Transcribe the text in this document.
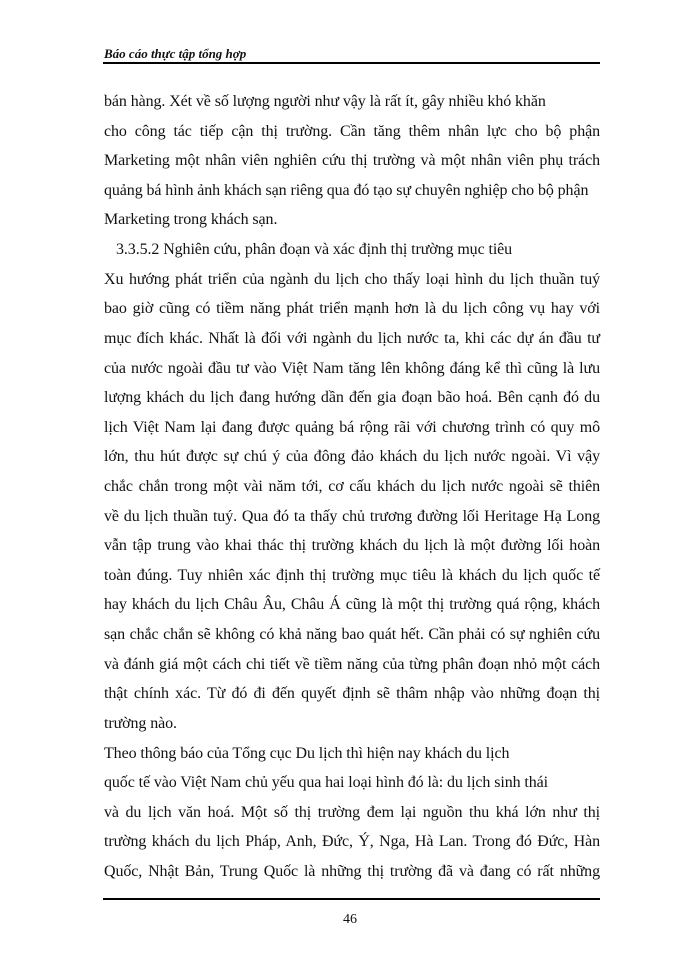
Báo cáo thực tập tổng hợp
bán hàng. Xét về số lượng người như vậy là rất ít, gây nhiều khó khăn
cho công tác tiếp cận thị trường. Cần tăng thêm nhân lực cho bộ phận
Marketing một nhân viên nghiên cứu thị trường và một nhân viên phụ trách
quảng bá hình ảnh khách sạn riêng qua đó tạo sự chuyên nghiệp cho bộ phận
Marketing trong khách sạn.
3.3.5.2 Nghiên cứu, phân đoạn và xác định thị trường mục tiêu
Xu hướng phát triển của ngành du lịch cho thấy loại hình du lịch thuần tuý
bao giờ cũng có tiềm năng phát triển mạnh hơn là du lịch công vụ hay với
mục đích khác. Nhất là đối với ngành du lịch nước ta, khi các dự án đầu tư
của nước ngoài đầu tư vào Việt Nam tăng lên không đáng kể thì cũng là lưu
lượng khách du lịch đang hướng dần đến gia đoạn bão hoá. Bên cạnh đó du
lịch Việt Nam lại đang được quảng bá rộng rãi với chương trình có quy mô
lớn, thu hút được sự chú ý của đông đảo khách du lịch nước ngoài. Vì vậy
chắc chắn trong một vài năm tới, cơ cấu khách du lịch nước ngoài sẽ thiên
về du lịch thuần tuý. Qua đó ta thấy chủ trương đường lối Heritage Hạ Long
vẫn tập trung vào khai thác thị trường khách du lịch là một đường lối hoàn
toàn đúng. Tuy nhiên xác định thị trường mục tiêu là khách du lịch quốc tế
hay khách du lịch Châu Âu, Châu Á cũng là một thị trường quá rộng, khách
sạn chắc chắn sẽ không có khả năng bao quát hết. Cần phải có sự nghiên cứu
và đánh giá một cách chi tiết về tiềm năng của từng phân đoạn nhỏ một cách
thật chính xác. Từ đó đi đến quyết định sẽ thâm nhập vào những đoạn thị
trường nào.
Theo thông báo của Tổng cục Du lịch thì hiện nay khách du lịch
quốc tế vào Việt Nam chủ yếu qua hai loại hình đó là: du lịch sinh thái
và du lịch văn hoá. Một số thị trường đem lại nguồn thu khá lớn như thị
trường khách du lịch Pháp, Anh, Đức, Ý, Nga, Hà Lan. Trong đó Đức, Hàn
Quốc, Nhật Bản, Trung Quốc là những thị trường đã và đang có rất những
46
